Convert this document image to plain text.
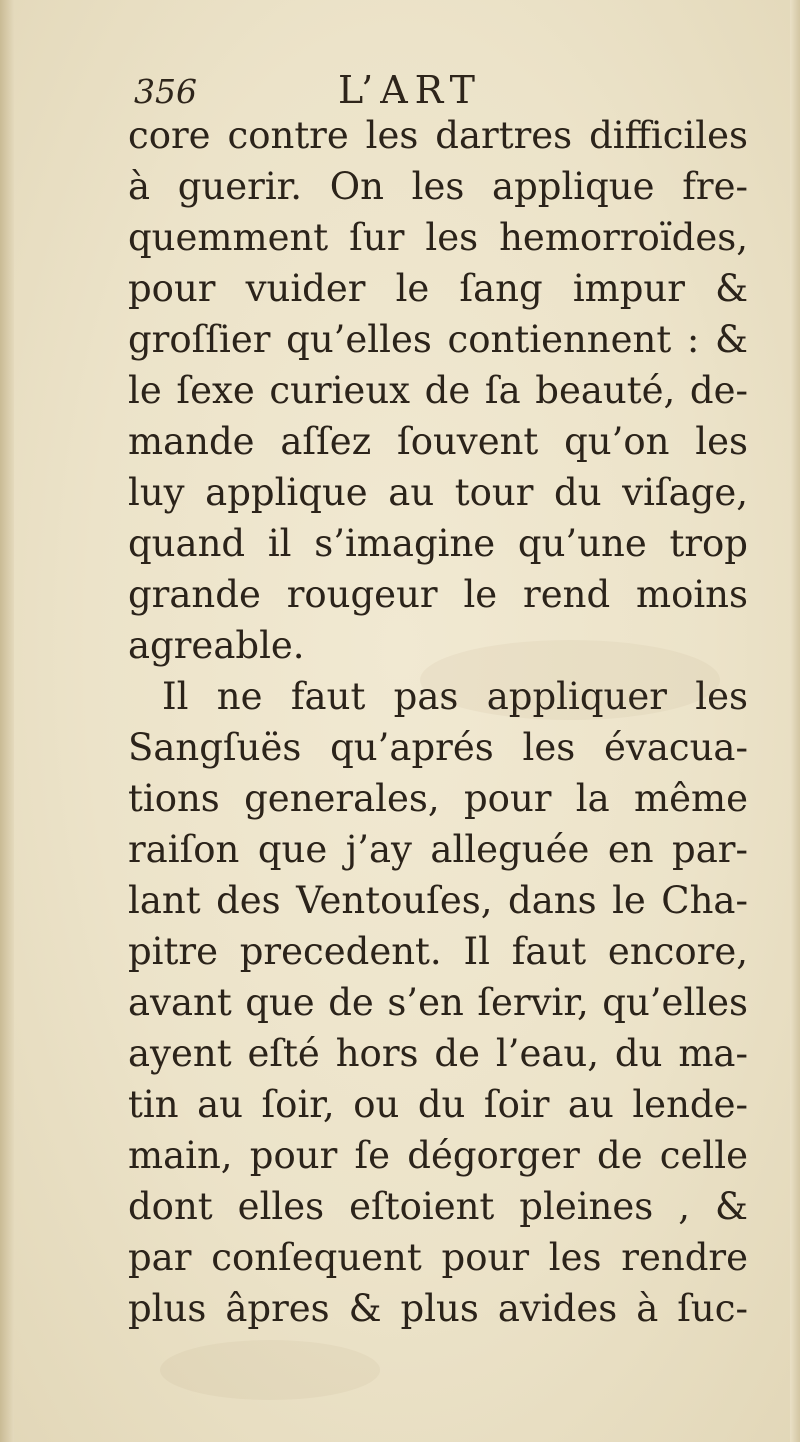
356	L’ART
core contre les dartres difficiles
à guerir. On les applique fre-
quemment ſur les hemorroïdes,
pour vuider le ſang impur &
groſſier qu’elles contiennent : &
le ſexe curieux de ſa beauté, de-
mande aſſez ſouvent qu’on les
luy applique au tour du viſage,
quand il s’imagine qu’une trop
grande rougeur le rend moins
agreable.
Il ne faut pas appliquer les
Sangſuës qu’aprés les évacua-
tions generales, pour la même
raiſon que j’ay alleguée en par-
lant des Ventouſes, dans le Cha-
pitre precedent. Il faut encore,
avant que de s’en ſervir, qu’elles
ayent eſté hors de l’eau, du ma-
tin au ſoir, ou du ſoir au lende-
main, pour ſe dégorger de celle
dont elles eſtoient pleines , &
par conſequent pour les rendre
plus âpres & plus avides à ſuc-
